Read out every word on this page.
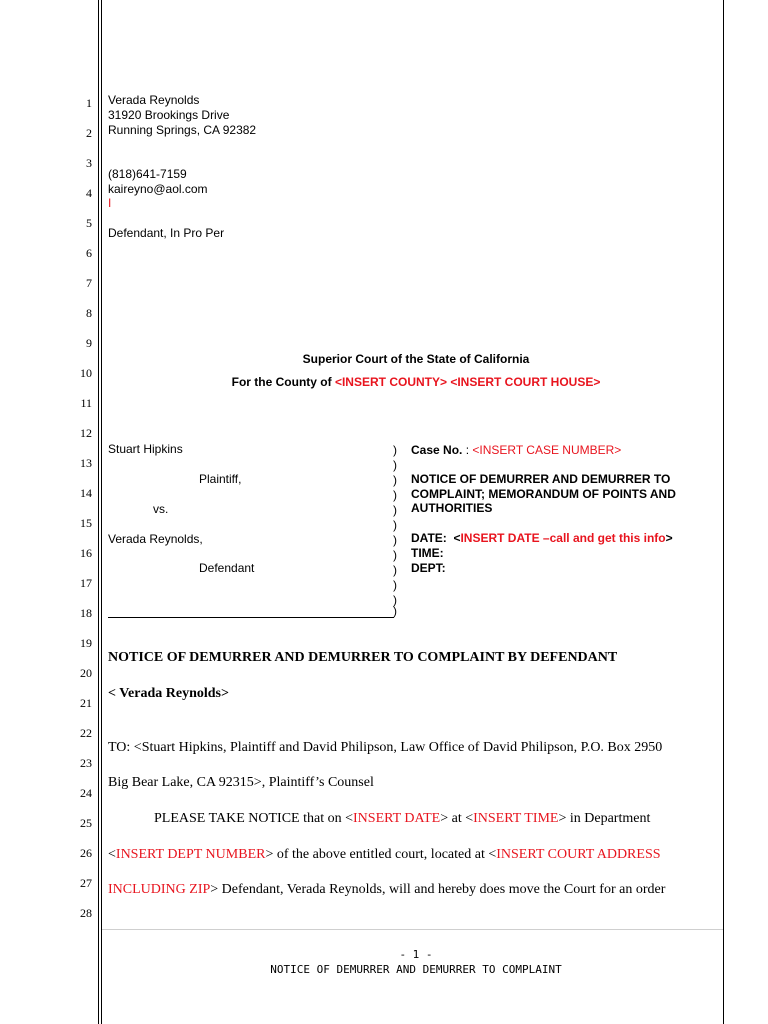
1
2
3
4
5
6
7
8
9
10
11
12
13
14
15
16
17
18
19
20
21
22
23
24
25
26
27
28
Verada Reynolds
31920 Brookings Drive
Running Springs, CA 92382
(818)641-7159
kaireyno@aol.com
I
Defendant, In Pro Per
Superior Court of the State of California
For the County of <INSERT COUNTY> <INSERT COURT HOUSE>
Stuart Hipkins
Plaintiff,
vs.
Verada Reynolds,
Defendant
)
)
)
)
)
)
)
)
)
)
)
)
Case No. : <INSERT CASE NUMBER>
NOTICE OF DEMURRER AND DEMURRER TO
COMPLAINT; MEMORANDUM OF POINTS AND
AUTHORITIES
DATE: <INSERT DATE –call and get this info>
TIME:
DEPT:
NOTICE OF DEMURRER AND DEMURRER TO COMPLAINT BY DEFENDANT
< Verada Reynolds>
TO: <Stuart Hipkins, Plaintiff and David Philipson, Law Office of David Philipson, P.O. Box 2950
Big Bear Lake, CA 92315>, Plaintiff’s Counsel
PLEASE TAKE NOTICE that on <INSERT DATE> at <INSERT TIME> in Department
<INSERT DEPT NUMBER> of the above entitled court, located at <INSERT COURT ADDRESS
INCLUDING ZIP> Defendant, Verada Reynolds, will and hereby does move the Court for an order
- 1 -
NOTICE OF DEMURRER AND DEMURRER TO COMPLAINT
